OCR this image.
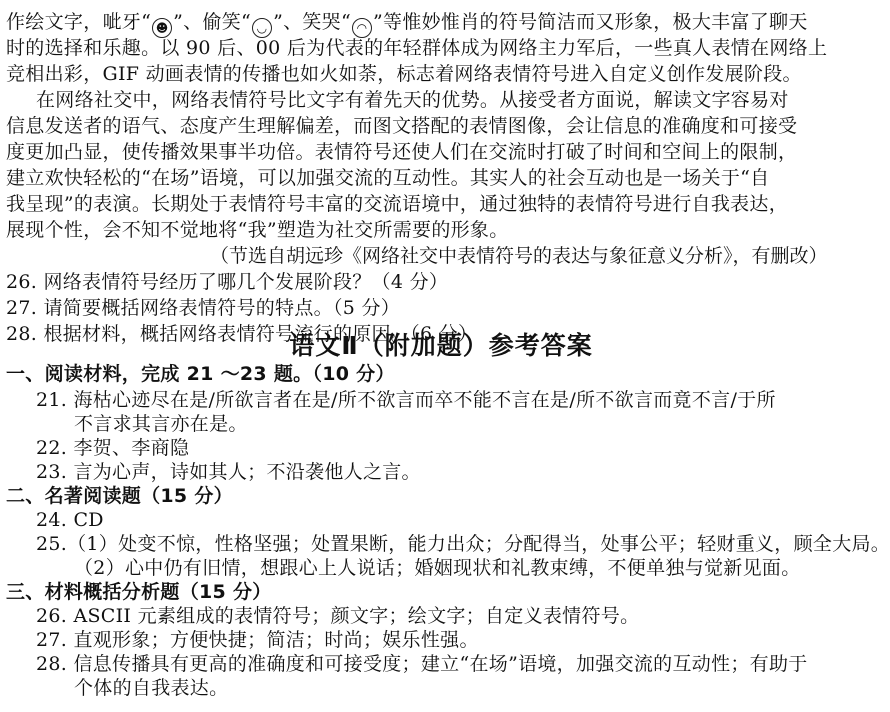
作绘文字，呲牙“ ☻ ”、偷笑“ ◡ ”、笑哭“ ◠ ”等惟妙惟肖的符号简洁而又形象，极大丰富了聊天
时的选择和乐趣。以 90 后、00 后为代表的年轻群体成为网络主力军后，一些真人表情在网络上
竞相出彩，GIF 动画表情的传播也如火如荼，标志着网络表情符号进入自定义创作发展阶段。
在网络社交中，网络表情符号比文字有着先天的优势。从接受者方面说，解读文字容易对
信息发送者的语气、态度产生理解偏差，而图文搭配的表情图像，会让信息的准确度和可接受
度更加凸显，使传播效果事半功倍。表情符号还使人们在交流时打破了时间和空间上的限制，
建立欢快轻松的“在场”语境，可以加强交流的互动性。其实人的社会互动也是一场关于“自
我呈现”的表演。长期处于表情符号丰富的交流语境中，通过独特的表情符号进行自我表达，
展现个性，会不知不觉地将“我”塑造为社交所需要的形象。
（节选自胡远珍《网络社交中表情符号的表达与象征意义分析》，有删改）
26. 网络表情符号经历了哪几个发展阶段？（4 分）
27. 请简要概括网络表情符号的特点。（5 分）
28. 根据材料，概括网络表情符号流行的原因。（6 分）
语文Ⅱ（附加题）参考答案
一、阅读材料，完成 21 ～23 题。（10 分）
21. 海枯心迹尽在是/所欲言者在是/所不欲言而卒不能不言在是/所不欲言而竟不言/于所
不言求其言亦在是。
22. 李贺、李商隐
23. 言为心声，诗如其人；不沿袭他人之言。
二、名著阅读题（15 分）
24. CD
25.（1）处变不惊，性格坚强；处置果断，能力出众；分配得当，处事公平；轻财重义，顾全大局。
（2）心中仍有旧情，想跟心上人说话；婚姻现状和礼教束缚，不便单独与觉新见面。
三、材料概括分析题（15 分）
26. ASCII 元素组成的表情符号；颜文字；绘文字；自定义表情符号。
27. 直观形象；方便快捷；简洁；时尚；娱乐性强。
28. 信息传播具有更高的准确度和可接受度；建立“在场”语境，加强交流的互动性；有助于
个体的自我表达。
